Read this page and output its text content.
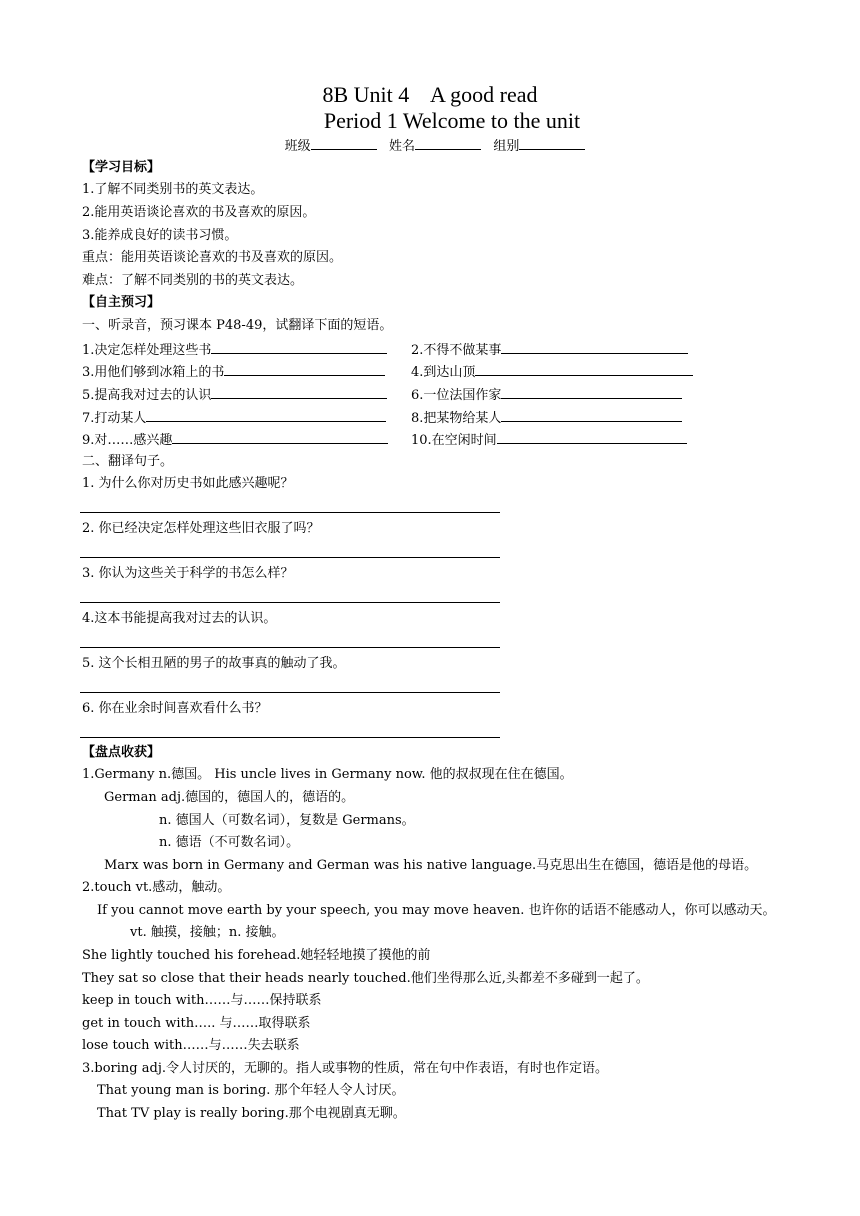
8B Unit 4    A good read
Period 1 Welcome to the unit
班级	姓名	组别
【学习目标】
1.了解不同类别书的英文表达。
2.能用英语谈论喜欢的书及喜欢的原因。
3.能养成良好的读书习惯。
重点：能用英语谈论喜欢的书及喜欢的原因。
难点：了解不同类别的书的英文表达。
【自主预习】
一、听录音，预习课本 P48-49，试翻译下面的短语。
1.决定怎样处理这些书	2.不得不做某事
3.用他们够到冰箱上的书	4.到达山顶
5.提高我对过去的认识	6.一位法国作家
7.打动某人	8.把某物给某人
9.对……感兴趣	10.在空闲时间
二、翻译句子。
1. 为什么你对历史书如此感兴趣呢？
2. 你已经决定怎样处理这些旧衣服了吗？
3. 你认为这些关于科学的书怎么样？
4.这本书能提高我对过去的认识。
5. 这个长相丑陋的男子的故事真的触动了我。
6. 你在业余时间喜欢看什么书？
【盘点收获】
1.Germany n.德国。 His uncle lives in Germany now. 他的叔叔现在住在德国。
German adj.德国的，德国人的，德语的。
n. 德国人（可数名词），复数是 Germans。
n. 德语（不可数名词）。
Marx was born in Germany and German was his native language.马克思出生在德国，德语是他的母语。
2.touch vt.感动，触动。
If you cannot move earth by your speech, you may move heaven. 也许你的话语不能感动人，你可以感动天。
vt. 触摸，接触；n. 接触。
She lightly touched his forehead.她轻轻地摸了摸他的前
They sat so close that their heads nearly touched.他们坐得那么近,头都差不多碰到一起了。
keep in touch with……与……保持联系
get in touch with….. 与……取得联系
lose touch with……与……失去联系
3.boring adj.令人讨厌的，无聊的。指人或事物的性质，常在句中作表语，有时也作定语。
That young man is boring. 那个年轻人令人讨厌。
That TV play is really boring.那个电视剧真无聊。
